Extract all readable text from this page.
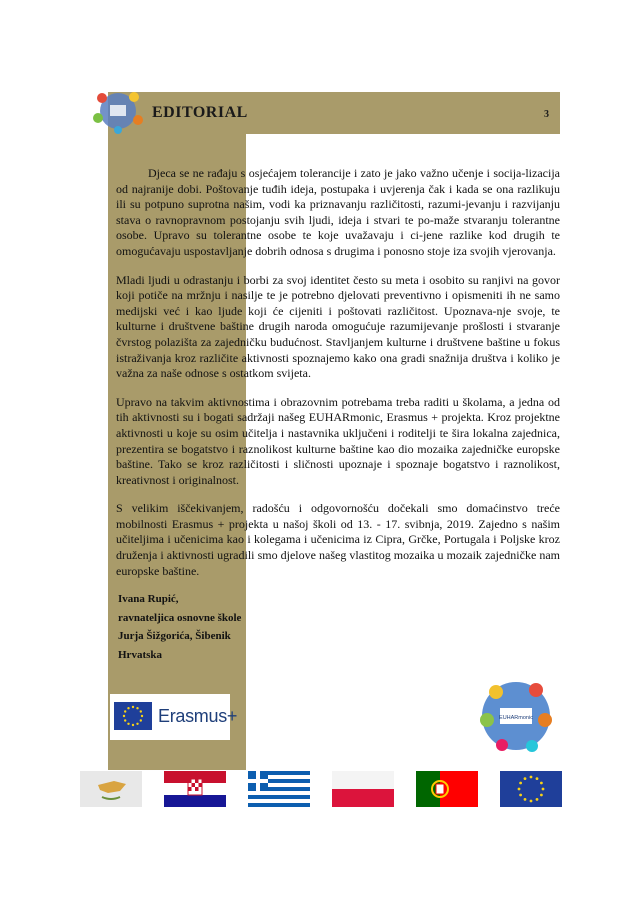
EDITORIAL	3

Djeca se ne rađaju s osjećajem tolerancije i zato je jako važno učenje i socija-lizacija od najranije dobi. Poštovanje tuđih ideja, postupaka i uvjerenja čak i kada se ona razlikuju ili su potpuno suprotna našim, vodi ka priznavanju različitosti, razumi-jevanju i razvijanju stava o ravnopravnom postojanju svih ljudi, ideja i stvari te po-maže stvaranju tolerantne osobe. Upravo su tolerantne osobe te koje uvažavaju i ci-jene razlike kod drugih te omogućavaju uspostavljanje dobrih odnosa s drugima i ponosno stoje iza svojih vjerovanja.

Mladi ljudi u odrastanju i borbi za svoj identitet često su meta i osobito su ranjivi na govor koji potiče na mržnju i nasilje te je potrebno djelovati preventivno i opismeniti ih ne samo medijski već i kao ljude koji će cijeniti i poštovati različitost. Upoznava-nje svoje, te kulturne i društvene baštine drugih naroda omogućuje razumijevanje prošlosti i stvaranje čvrstog polazišta za zajedničku budućnost. Stavljanjem kulturne i društvene baštine u fokus istraživanja kroz različite aktivnosti spoznajemo kako ona gradi snažnija društva i koliko je važna za naše odnose s ostatkom svijeta.

Upravo na takvim aktivnostima i obrazovnim potrebama treba raditi u školama, a jedna od tih aktivnosti su i bogati sadržaji našeg EUHARmonic, Erasmus + projekta. Kroz projektne aktivnosti u koje su osim učitelja i nastavnika uključeni i roditelji te šira lokalna zajednica, prezentira se bogatstvo i raznolikost kulturne baštine kao dio mozaika zajedničke europske baštine. Tako se kroz različitosti i sličnosti upoznaje i spoznaje bogatstvo i raznolikost, kreativnost i originalnost.

S velikim iščekivanjem, radošću i odgovornošću dočekali smo domaćinstvo treće mobilnosti Erasmus + projekta u našoj školi od 13. - 17. svibnja, 2019. Zajedno s našim učiteljima i učenicima kao i kolegama i učenicima iz Cipra, Grčke, Portugala i Poljske kroz druženja i aktivnosti ugradili smo djelove našeg vlastitog mozaika u mozaik zajedničke nam europske baštine.

Ivana Rupić,
ravnateljica osnovne škole
Jurja Šižgorića, Šibenik
Hrvatska
Erasmus+	EUHARmonic
